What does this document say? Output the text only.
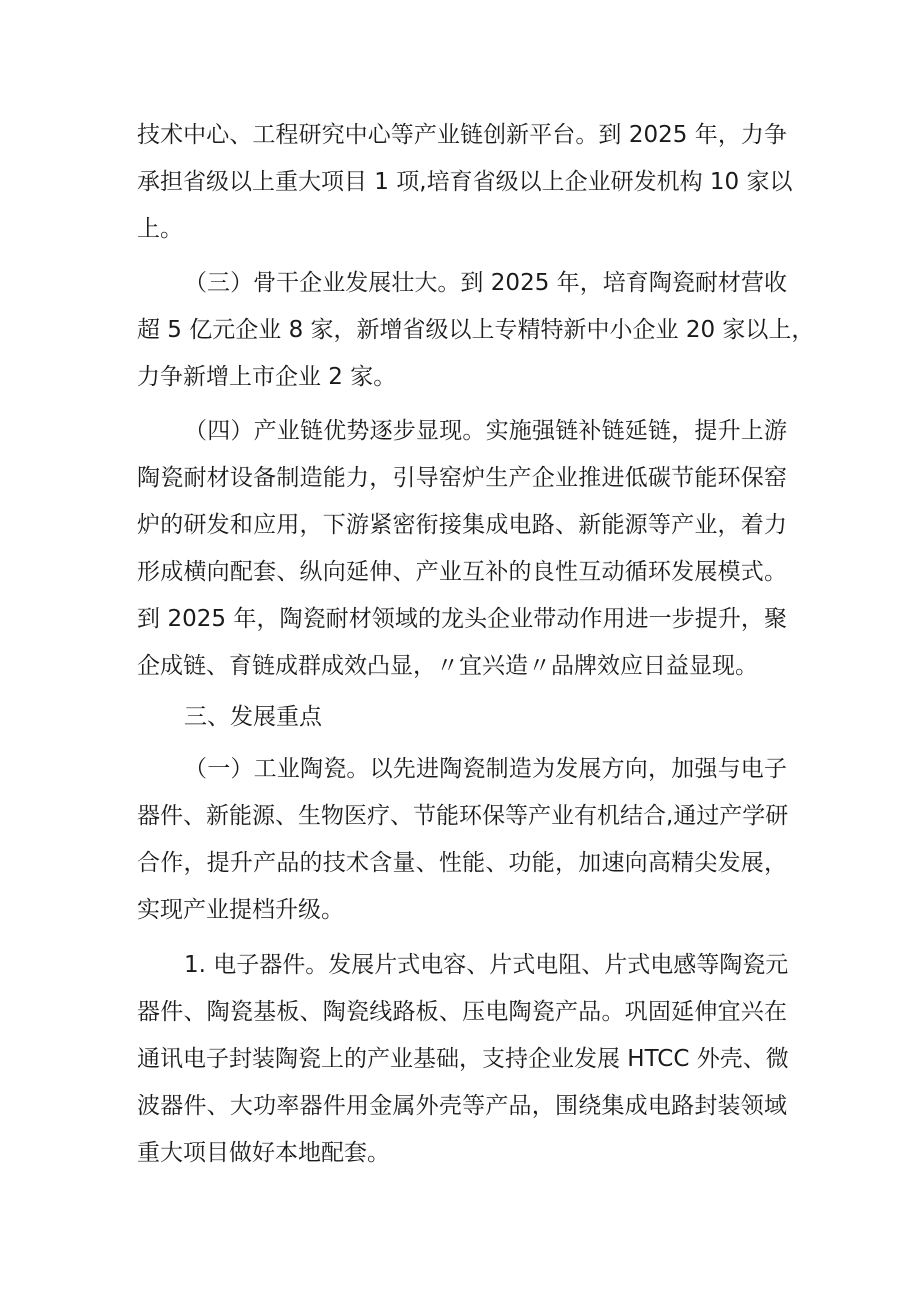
技术中心、工程研究中心等产业链创新平台。到 2025 年，力争
承担省级以上重大项目 1 项,培育省级以上企业研发机构 10 家以
上。
（三）骨干企业发展壮大。到 2025 年，培育陶瓷耐材营收
超 5 亿元企业 8 家，新增省级以上专精特新中小企业 20 家以上，
力争新增上市企业 2 家。
（四）产业链优势逐步显现。实施强链补链延链，提升上游
陶瓷耐材设备制造能力，引导窑炉生产企业推进低碳节能环保窑
炉的研发和应用，下游紧密衔接集成电路、新能源等产业，着力
形成横向配套、纵向延伸、产业互补的良性互动循环发展模式。
到 2025 年，陶瓷耐材领域的龙头企业带动作用进一步提升，聚
企成链、育链成群成效凸显，〃宜兴造〃品牌效应日益显现。
三、发展重点
（一）工业陶瓷。以先进陶瓷制造为发展方向，加强与电子
器件、新能源、生物医疗、节能环保等产业有机结合,通过产学研
合作，提升产品的技术含量、性能、功能，加速向高精尖发展，
实现产业提档升级。
1. 电子器件。发展片式电容、片式电阻、片式电感等陶瓷元
器件、陶瓷基板、陶瓷线路板、压电陶瓷产品。巩固延伸宜兴在
通讯电子封装陶瓷上的产业基础，支持企业发展 HTCC 外壳、微
波器件、大功率器件用金属外壳等产品，围绕集成电路封装领域
重大项目做好本地配套。
